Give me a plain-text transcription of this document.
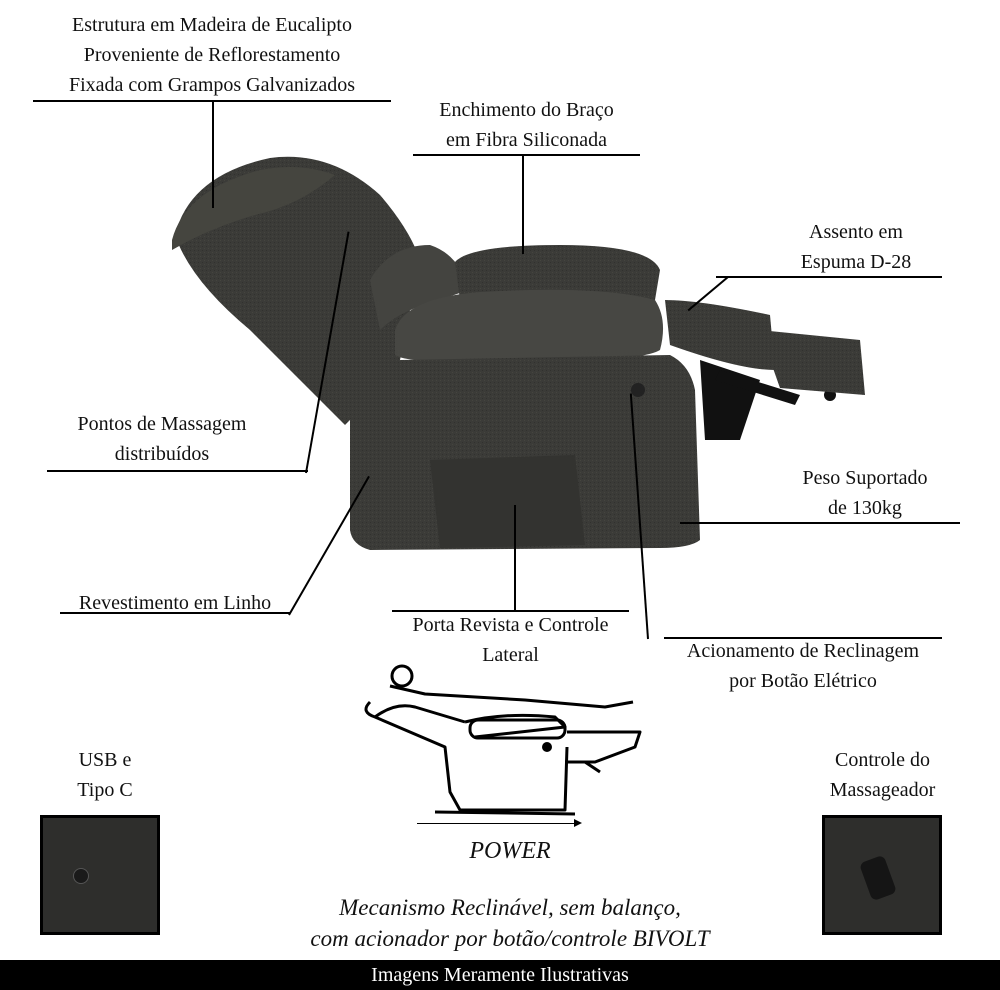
Estrutura em Madeira de Eucalipto
Proveniente de Reflorestamento
Fixada com Grampos Galvanizados
Enchimento do Braço
em Fibra Siliconada
Assento em
Espuma D-28
Pontos de Massagem
distribuídos
Peso Suportado
de 130kg
Revestimento em Linho
Porta Revista e Controle
Lateral	Acionamento de Reclinagem
por Botão Elétrico
USB e
Tipo C
Controle do
Massageador
POWER
Mecanismo Reclinável, sem balanço,
com acionador por botão/controle BIVOLT
Imagens Meramente Ilustrativas
